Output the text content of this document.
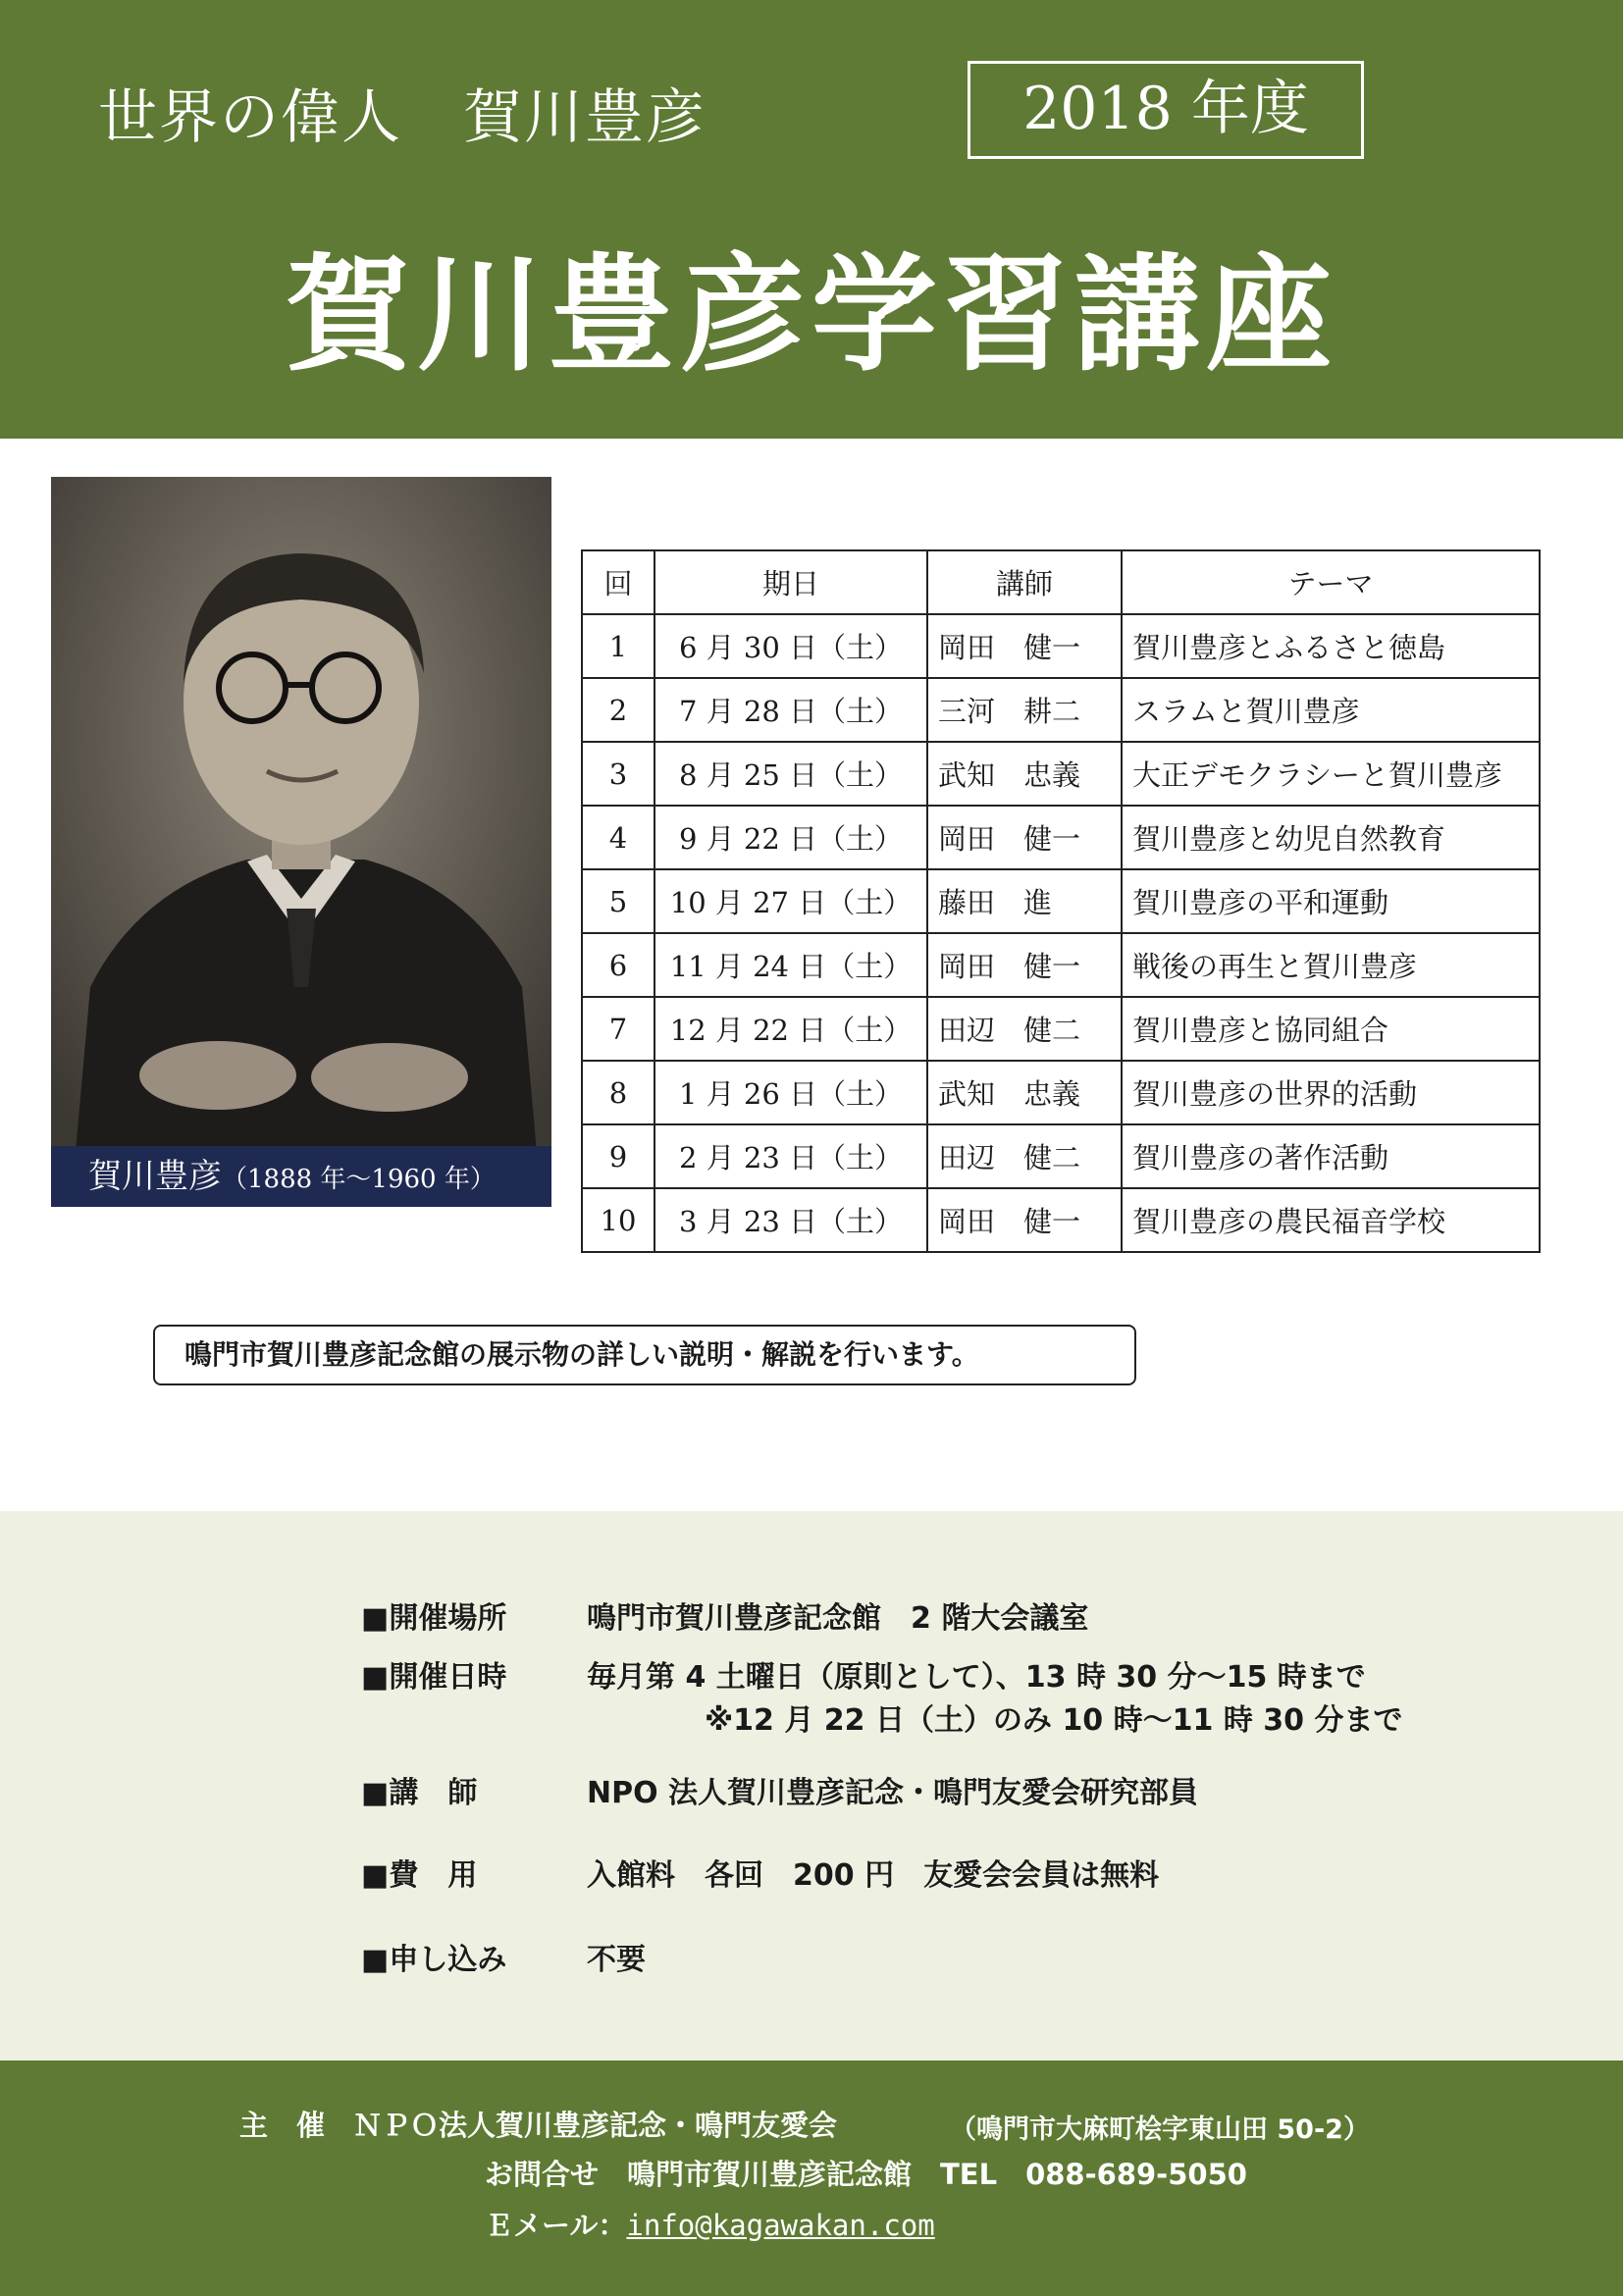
世界の偉人　賀川豊彦	2018 年度
賀川豊彦学習講座
賀川豊彦（1888 年～1960 年）
回	期日	講師	テーマ
1	6 月 30 日（土）	岡田　健一	賀川豊彦とふるさと徳島
2	7 月 28 日（土）	三河　耕二	スラムと賀川豊彦
3	8 月 25 日（土）	武知　忠義	大正デモクラシーと賀川豊彦
4	9 月 22 日（土）	岡田　健一	賀川豊彦と幼児自然教育
5	10 月 27 日（土）	藤田　進	賀川豊彦の平和運動
6	11 月 24 日（土）	岡田　健一	戦後の再生と賀川豊彦
7	12 月 22 日（土）	田辺　健二	賀川豊彦と協同組合
8	1 月 26 日（土）	武知　忠義	賀川豊彦の世界的活動
9	2 月 23 日（土）	田辺　健二	賀川豊彦の著作活動
10	3 月 23 日（土）	岡田　健一	賀川豊彦の農民福音学校
鳴門市賀川豊彦記念館の展示物の詳しい説明・解説を行います。
■開催場所	鳴門市賀川豊彦記念館　2 階大会議室
■開催日時	毎月第 4 土曜日（原則として）、13 時 30 分～15 時まで
※12 月 22 日（土）のみ 10 時～11 時 30 分まで
■講　師	NPO 法人賀川豊彦記念・鳴門友愛会研究部員
■費　用	入館料　各回　200 円　友愛会会員は無料
■申し込み	不要
主　催　ＮＰＯ法人賀川豊彦記念・鳴門友愛会	（鳴門市大麻町桧字東山田 50-2）
お問合せ　鳴門市賀川豊彦記念館　TEL　088-689-5050
Ｅメール：info@kagawakan.com
